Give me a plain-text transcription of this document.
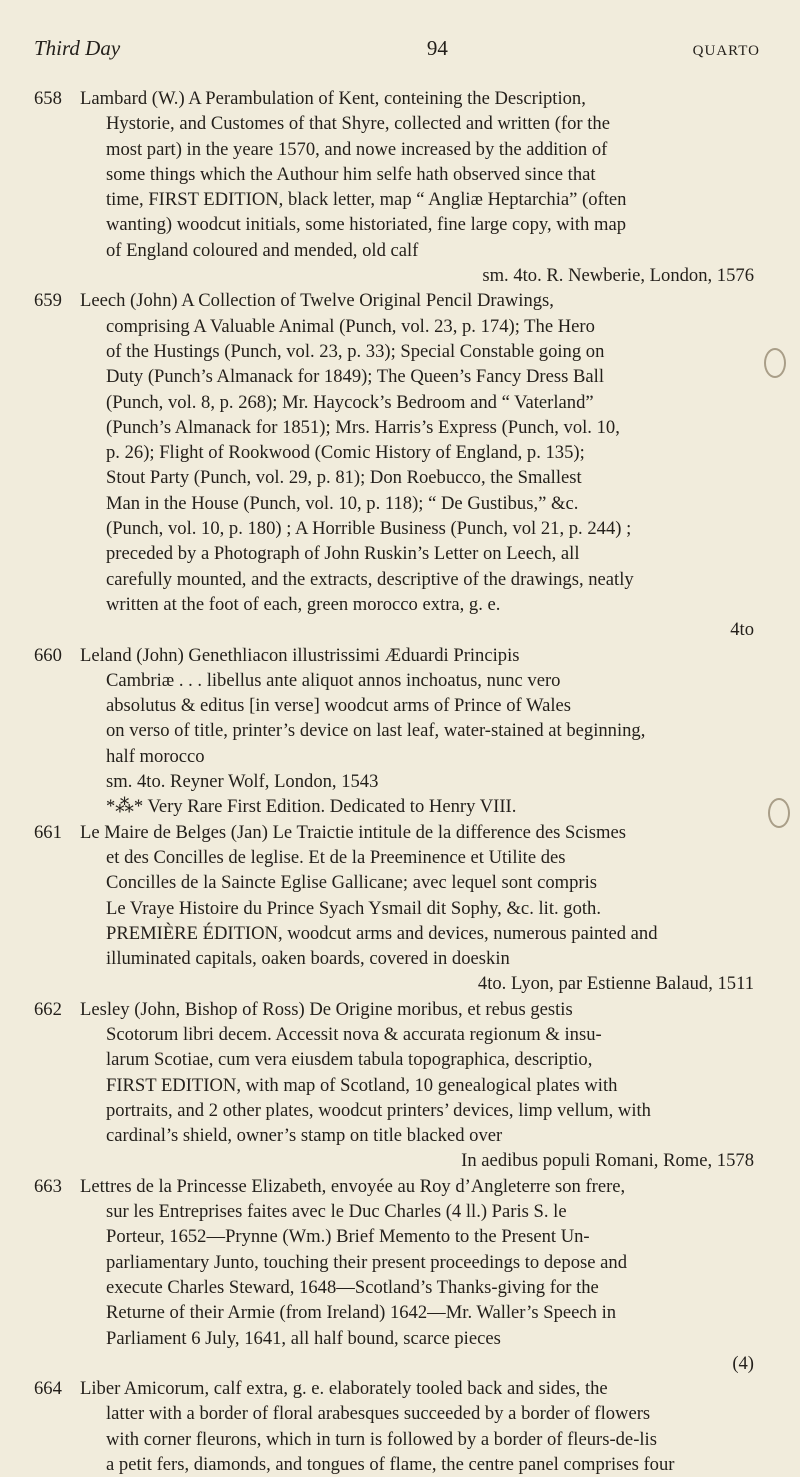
Third Day	94	QUARTO
658 Lambard (W.) A Perambulation of Kent, conteining the Description,
Hystorie, and Customes of that Shyre, collected and written (for the
most part) in the yeare 1570, and nowe increased by the addition of
some things which the Authour him selfe hath observed since that
time, FIRST EDITION, black letter, map “ Angliæ Heptarchia” (often
wanting) woodcut initials, some historiated, fine large copy, with map
of England coloured and mended, old calf
sm. 4to. R. Newberie, London, 1576
659 Leech (John) A Collection of Twelve Original Pencil Drawings,
comprising A Valuable Animal (Punch, vol. 23, p. 174); The Hero
of the Hustings (Punch, vol. 23, p. 33); Special Constable going on
Duty (Punch’s Almanack for 1849); The Queen’s Fancy Dress Ball
(Punch, vol. 8, p. 268); Mr. Haycock’s Bedroom and “ Vaterland”
(Punch’s Almanack for 1851); Mrs. Harris’s Express (Punch, vol. 10,
p. 26); Flight of Rookwood (Comic History of England, p. 135);
Stout Party (Punch, vol. 29, p. 81); Don Roebucco, the Smallest
Man in the House (Punch, vol. 10, p. 118); “ De Gustibus,” &c.
(Punch, vol. 10, p. 180) ; A Horrible Business (Punch, vol 21, p. 244) ;
preceded by a Photograph of John Ruskin’s Letter on Leech, all
carefully mounted, and the extracts, descriptive of the drawings, neatly
written at the foot of each, green morocco extra, g. e.
4to
660 Leland (John) Genethliacon illustrissimi Æduardi Principis
Cambriæ . . . libellus ante aliquot annos inchoatus, nunc vero
absolutus & editus [in verse] woodcut arms of Prince of Wales
on verso of title, printer’s device on last leaf, water-stained at beginning,
half morocco
sm. 4to. Reyner Wolf, London, 1543
*⁂* Very Rare First Edition. Dedicated to Henry VIII.
661 Le Maire de Belges (Jan) Le Traictie intitule de la difference des Scismes
et des Concilles de leglise. Et de la Preeminence et Utilite des
Concilles de la Saincte Eglise Gallicane; avec lequel sont compris
Le Vraye Histoire du Prince Syach Ysmail dit Sophy, &c. lit. goth.
PREMIÈRE ÉDITION, woodcut arms and devices, numerous painted and
illuminated capitals, oaken boards, covered in doeskin
4to. Lyon, par Estienne Balaud, 1511
662 Lesley (John, Bishop of Ross) De Origine moribus, et rebus gestis
Scotorum libri decem. Accessit nova & accurata regionum & insu-
larum Scotiae, cum vera eiusdem tabula topographica, descriptio,
FIRST EDITION, with map of Scotland, 10 genealogical plates with
portraits, and 2 other plates, woodcut printers’ devices, limp vellum, with
cardinal’s shield, owner’s stamp on title blacked over
In aedibus populi Romani, Rome, 1578
663 Lettres de la Princesse Elizabeth, envoyée au Roy d’Angleterre son frere,
sur les Entreprises faites avec le Duc Charles (4 ll.) Paris S. le
Porteur, 1652—Prynne (Wm.) Brief Memento to the Present Un-
parliamentary Junto, touching their present proceedings to depose and
execute Charles Steward, 1648—Scotland’s Thanks-giving for the
Returne of their Armie (from Ireland) 1642—Mr. Waller’s Speech in
Parliament 6 July, 1641, all half bound, scarce pieces
(4)
664 Liber Amicorum, calf extra, g. e. elaborately tooled back and sides, the
latter with a border of floral arabesques succeeded by a border of flowers
with corner fleurons, which in turn is followed by a border of fleurs-de-lis
a petit fers, diamonds, and tongues of flame, the centre panel comprises four
